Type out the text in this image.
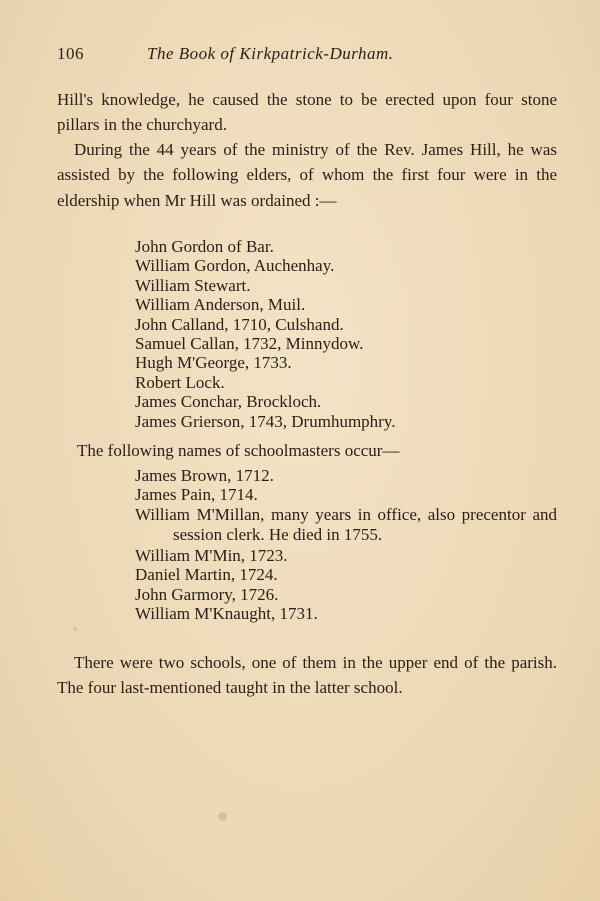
106	The Book of Kirkpatrick-Durham.

Hill's knowledge, he caused the stone to be erected upon four stone pillars in the churchyard.

During the 44 years of the ministry of the Rev. James Hill, he was assisted by the following elders, of whom the first four were in the eldership when Mr Hill was ordained :—

John Gordon of Bar.
William Gordon, Auchenhay.
William Stewart.
William Anderson, Muil.
John Calland, 1710, Culshand.
Samuel Callan, 1732, Minnydow.
Hugh M'George, 1733.
Robert Lock.
James Conchar, Brockloch.
James Grierson, 1743, Drumhumphry.

The following names of schoolmasters occur—

James Brown, 1712.
James Pain, 1714.
William M'Millan, many years in office, also precentor and session clerk. He died in 1755.
William M'Min, 1723.
Daniel Martin, 1724.
John Garmory, 1726.
William M'Knaught, 1731.

There were two schools, one of them in the upper end of the parish. The four last-mentioned taught in the latter school.
